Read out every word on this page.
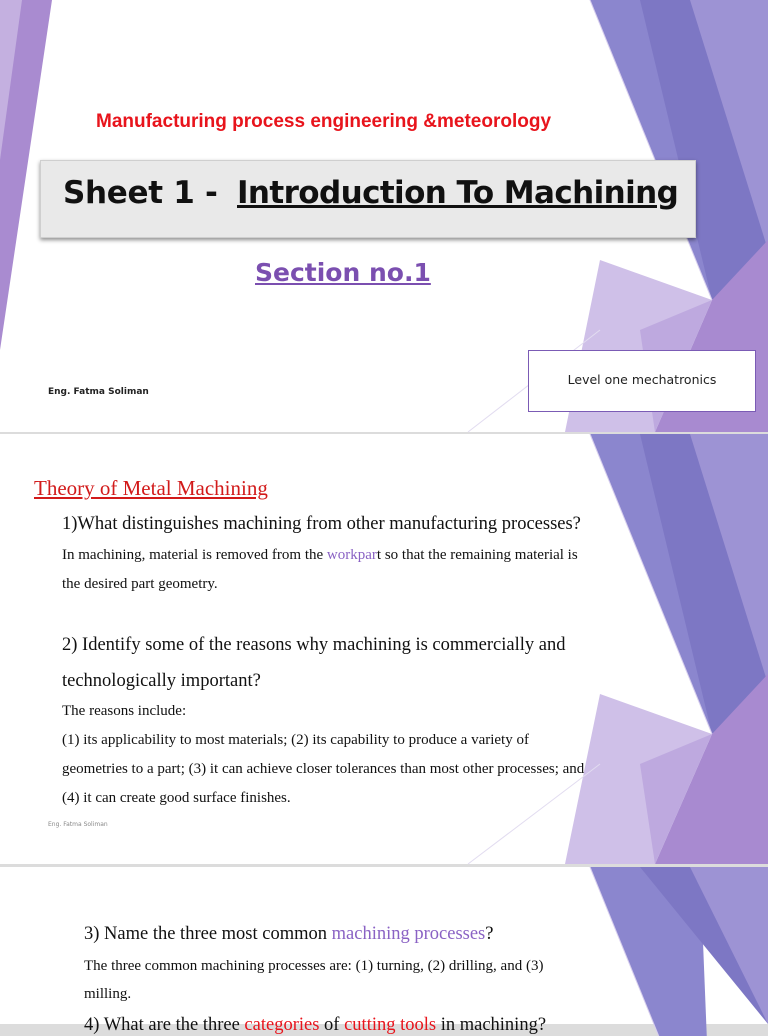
Manufacturing process engineering &meteorology
Sheet 1 - Introduction To Machining
Section no.1
Eng. Fatma Soliman
Level one mechatronics
Theory of Metal Machining
1)What distinguishes machining from other manufacturing processes?
In machining, material is removed from the workpart so that the remaining material is
the desired part geometry.
2) Identify some of the reasons why machining is commercially and
technologically important?
The reasons include:
(1) its applicability to most materials; (2) its capability to produce a variety of
geometries to a part; (3) it can achieve closer tolerances than most other processes; and
(4) it can create good surface finishes.
Eng. Fatma Soliman
3) Name the three most common machining processes?
The three common machining processes are: (1) turning, (2) drilling, and (3)
milling.
4) What are the three categories of cutting tools in machining?
